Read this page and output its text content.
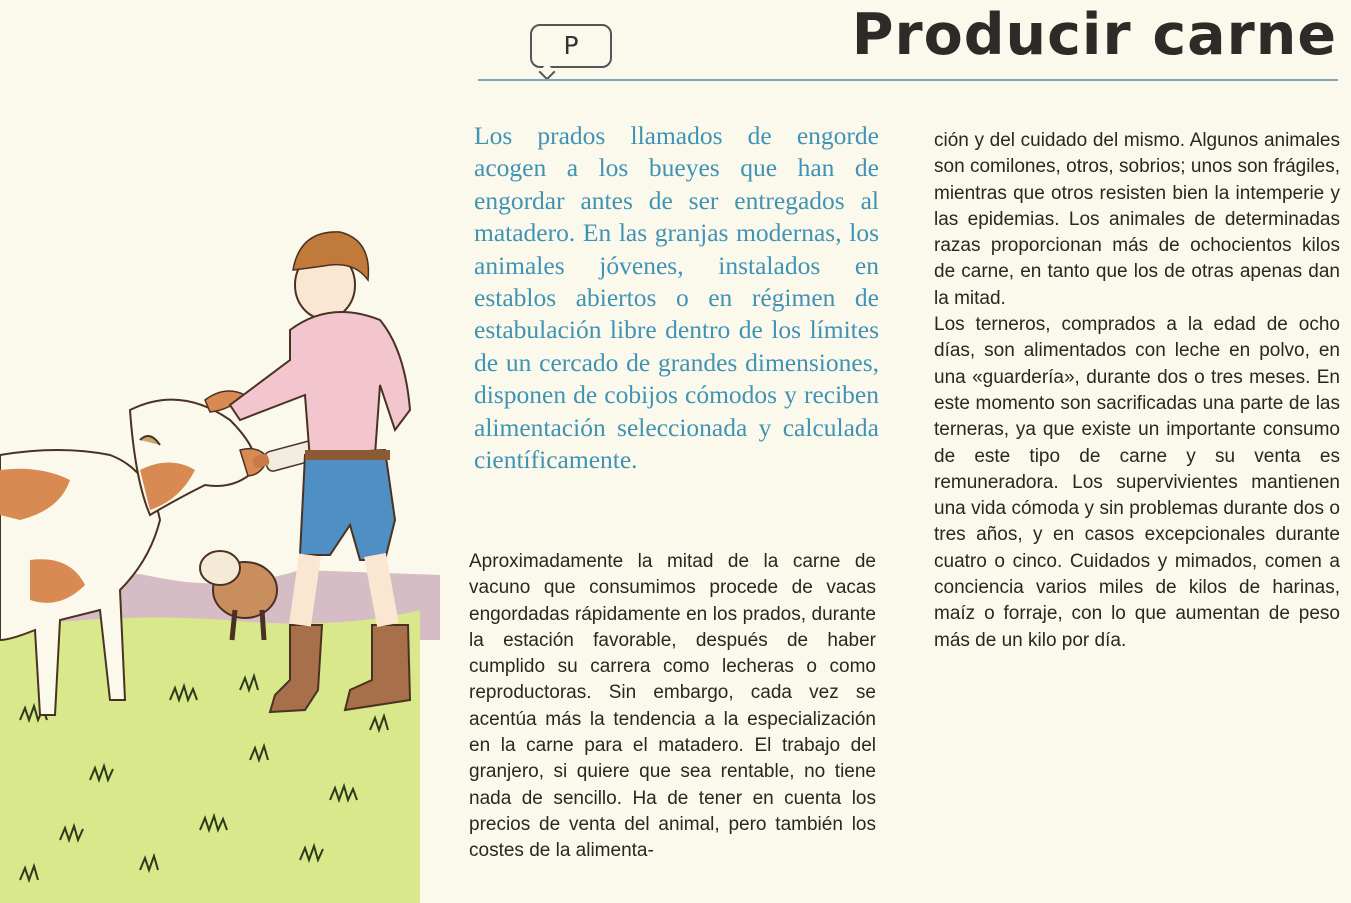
P	Producir carne

Los prados llamados de engorde acogen a los bueyes que han de engordar antes de ser entregados al matadero. En las granjas modernas, los animales jóvenes, instalados en establos abiertos o en régimen de estabulación libre dentro de los límites de un cercado de grandes dimensiones, disponen de cobijos cómodos y reciben alimentación seleccionada y calculada científicamente.

Aproximadamente la mitad de la carne de vacuno que consumimos procede de vacas engordadas rápidamente en los prados, durante la estación favorable, después de haber cumplido su carrera como lecheras o como reproductoras. Sin embargo, cada vez se acentúa más la tendencia a la especialización en la carne para el matadero. El trabajo del granjero, si quiere que sea rentable, no tiene nada de sencillo. Ha de tener en cuenta los precios de venta del animal, pero también los costes de la alimenta-

ción y del cuidado del mismo. Algunos animales son comilones, otros, sobrios; unos son frágiles, mientras que otros resisten bien la intemperie y las epidemias. Los animales de determinadas razas proporcionan más de ochocientos kilos de carne, en tanto que los de otras apenas dan la mitad.

Los terneros, comprados a la edad de ocho días, son alimentados con leche en polvo, en una «guardería», durante dos o tres meses. En este momento son sacrificadas una parte de las terneras, ya que existe un importante consumo de este tipo de carne y su venta es remuneradora. Los supervivientes mantienen una vida cómoda y sin problemas durante dos o tres años, y en casos excepcionales durante cuatro o cinco. Cuidados y mimados, comen a conciencia varios miles de kilos de harinas, maíz o forraje, con lo que aumentan de peso más de un kilo por día.
